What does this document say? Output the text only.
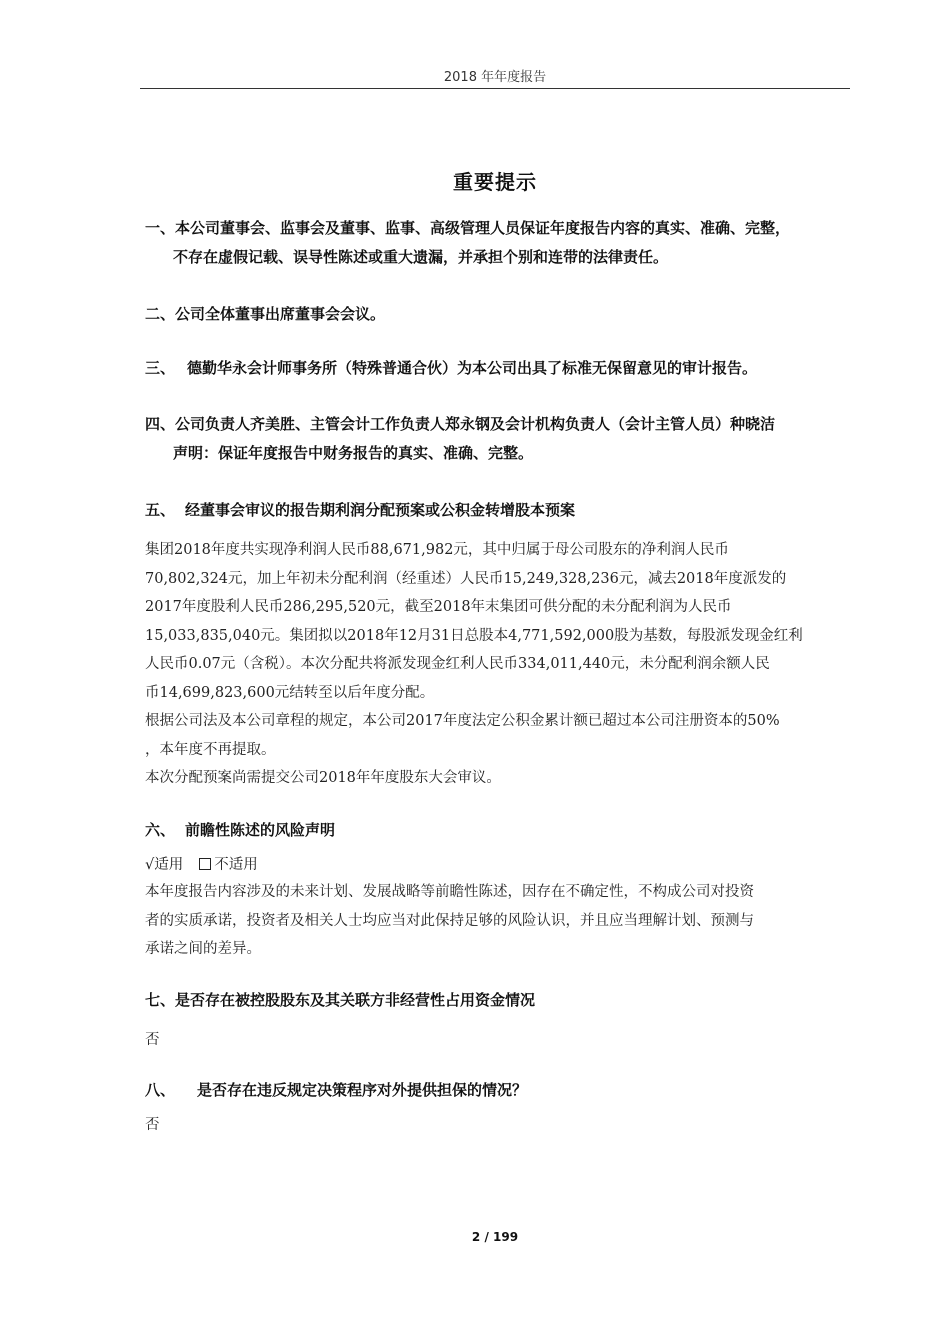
2018 年年度报告
重要提示
一、本公司董事会、监事会及董事、监事、高级管理人员保证年度报告内容的真实、准确、完整，
不存在虚假记载、误导性陈述或重大遗漏，并承担个别和连带的法律责任。
二、公司全体董事出席董事会会议。
三、 德勤华永会计师事务所（特殊普通合伙）为本公司出具了标准无保留意见的审计报告。
四、公司负责人齐美胜、主管会计工作负责人郑永钢及会计机构负责人（会计主管人员）种晓洁
声明：保证年度报告中财务报告的真实、准确、完整。
五、 经董事会审议的报告期利润分配预案或公积金转增股本预案

集团2018年度共实现净利润人民币88,671,982元，其中归属于母公司股东的净利润人民币

70,802,324元，加上年初未分配利润（经重述）人民币15,249,328,236元，减去2018年度派发的

2017年度股利人民币286,295,520元，截至2018年末集团可供分配的未分配利润为人民币

15,033,835,040元。集团拟以2018年12月31日总股本4,771,592,000股为基数，每股派发现金红利

人民币0.07元（含税）。本次分配共将派发现金红利人民币334,011,440元，未分配利润余额人民

币14,699,823,600元结转至以后年度分配。

根据公司法及本公司章程的规定，本公司2017年度法定公积金累计额已超过本公司注册资本的50%

，本年度不再提取。

本次分配预案尚需提交公司2018年年度股东大会审议。

六、 前瞻性陈述的风险声明
√适用 不适用

本年度报告内容涉及的未来计划、发展战略等前瞻性陈述，因存在不确定性，不构成公司对投资

者的实质承诺，投资者及相关人士均应当对此保持足够的风险认识，并且应当理解计划、预测与

承诺之间的差异。

七、是否存在被控股股东及其关联方非经营性占用资金情况
否
八、 是否存在违反规定决策程序对外提供担保的情况？
否
2 / 199
